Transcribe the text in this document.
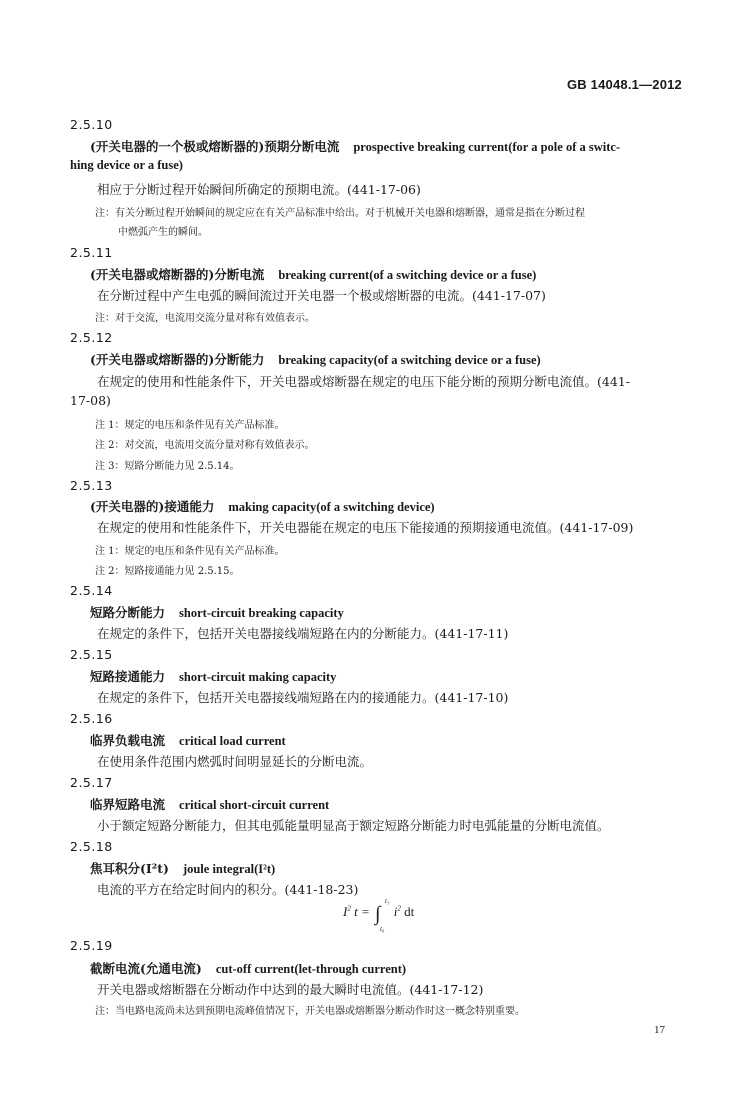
GB 14048.1—2012
2.5.10
(开关电器的一个极或熔断器的)预期分断电流 prospective breaking current(for a pole of a switc-
hing device or a fuse)
相应于分断过程开始瞬间所确定的预期电流。(441-17-06)
注：有关分断过程开始瞬间的规定应在有关产品标准中给出。对于机械开关电器和熔断器，通常是指在分断过程
中燃弧产生的瞬间。
2.5.11
(开关电器或熔断器的)分断电流 breaking current(of a switching device or a fuse)
在分断过程中产生电弧的瞬间流过开关电器一个极或熔断器的电流。(441-17-07)
注：对于交流，电流用交流分量对称有效值表示。
2.5.12
(开关电器或熔断器的)分断能力 breaking capacity(of a switching device or a fuse)
在规定的使用和性能条件下，开关电器或熔断器在规定的电压下能分断的预期分断电流值。(441-
17-08)
注 1：规定的电压和条件见有关产品标准。
注 2：对交流，电流用交流分量对称有效值表示。
注 3：短路分断能力见 2.5.14。
2.5.13
(开关电器的)接通能力 making capacity(of a switching device)
在规定的使用和性能条件下，开关电器能在规定的电压下能接通的预期接通电流值。(441-17-09)
注 1：规定的电压和条件见有关产品标准。
注 2：短路接通能力见 2.5.15。
2.5.14
短路分断能力 short-circuit breaking capacity
在规定的条件下，包括开关电器接线端短路在内的分断能力。(441-17-11)
2.5.15
短路接通能力 short-circuit making capacity
在规定的条件下，包括开关电器接线端短路在内的接通能力。(441-17-10)
2.5.16
临界负载电流 critical load current
在使用条件范围内燃弧时间明显延长的分断电流。
2.5.17
临界短路电流 critical short-circuit current
小于额定短路分断能力，但其电弧能量明显高于额定短路分断能力时电弧能量的分断电流值。
2.5.18
焦耳积分(I²t) joule integral(I²t)
电流的平方在给定时间内的积分。(441-18-23)
$I^2$ t = ∫
t₁
t₀
$i^2$ dt
2.5.19
截断电流(允通电流) cut-off current(let-through current)
开关电器或熔断器在分断动作中达到的最大瞬时电流值。(441-17-12)
注：当电路电流尚未达到预期电流峰值情况下，开关电器或熔断器分断动作时这一概念特别重要。
17
